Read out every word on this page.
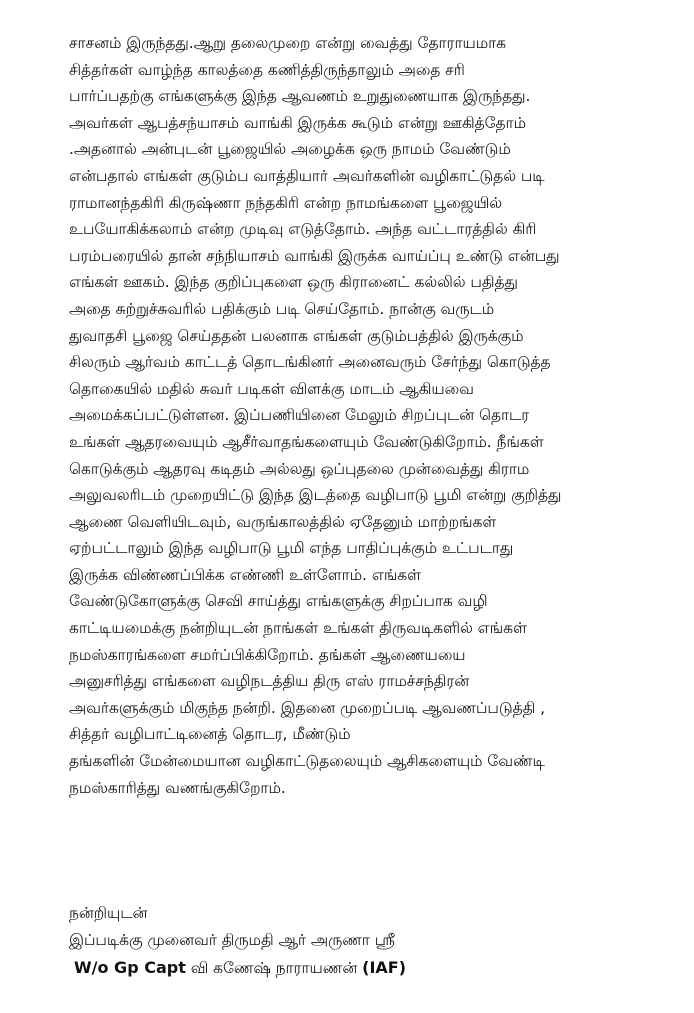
சாசனம் இருந்தது.ஆறு தலைமுறை என்று வைத்து தோராயமாக
சித்தர்கள் வாழ்ந்த காலத்தை கணித்திருந்தாலும் அதை சரி
பார்ப்பதற்கு எங்களுக்கு இந்த ஆவணம் உறுதுணையாக இருந்தது.
அவர்கள் ஆபத்சந்யாசம் வாங்கி இருக்க கூடும் என்று ஊகித்தோம்
.அதனால் அன்புடன் பூஜையில் அழைக்க ஒரு நாமம் வேண்டும்
என்பதால் எங்கள் குடும்ப வாத்தியார் அவர்களின் வழிகாட்டுதல் படி
ராமானந்தகிரி கிருஷ்ணா நந்தகிரி என்ற நாமங்களை பூஜையில்
உபயோகிக்கலாம் என்ற முடிவு எடுத்தோம். அந்த வட்டாரத்தில் கிரி
பரம்பரையில் தான் சந்நியாசம் வாங்கி இருக்க வாய்ப்பு உண்டு என்பது
எங்கள் ஊகம். இந்த குறிப்புகளை ஒரு கிரானைட் கல்லில் பதித்து
அதை சுற்றுச்சுவரில் பதிக்கும் படி செய்தோம். நான்கு வருடம்
துவாதசி பூஜை செய்ததன் பலனாக எங்கள் குடும்பத்தில் இருக்கும்
சிலரும் ஆர்வம் காட்டத் தொடங்கினர் அனைவரும் சேர்ந்து கொடுத்த
தொகையில் மதில் சுவர் படிகள் விளக்கு மாடம் ஆகியவை
அமைக்கப்பட்டுள்ளன. இப்பணியினை மேலும் சிறப்புடன் தொடர
உங்கள் ஆதரவையும் ஆசீர்வாதங்களையும் வேண்டுகிறோம். நீங்கள்
கொடுக்கும் ஆதரவு கடிதம் அல்லது ஒப்புதலை முன்வைத்து கிராம
அலுவலரிடம் முறையிட்டு இந்த இடத்தை வழிபாடு பூமி என்று குறித்து
ஆணை வெளியிடவும், வருங்காலத்தில் ஏதேனும் மாற்றங்கள்
ஏற்பட்டாலும் இந்த வழிபாடு பூமி எந்த பாதிப்புக்கும் உட்படாது
இருக்க விண்ணப்பிக்க எண்ணி உள்ளோம். எங்கள்
வேண்டுகோளுக்கு செவி சாய்த்து எங்களுக்கு சிறப்பாக வழி
காட்டியமைக்கு நன்றியுடன் நாங்கள் உங்கள் திருவடிகளில் எங்கள்
நமஸ்காரங்களை சமர்ப்பிக்கிறோம். தங்கள் ஆணையயை
அனுசரித்து எங்களை வழிநடத்திய திரு எஸ் ராமச்சந்திரன்
அவர்களுக்கும் மிகுந்த நன்றி. இதனை முறைப்படி ஆவணப்படுத்தி ,
சித்தர் வழிபாட்டினைத் தொடர, மீண்டும்
தங்களின் மேன்மையான வழிகாட்டுதலையும் ஆசிகளையும் வேண்டி
நமஸ்காரித்து வணங்குகிறோம்.
நன்றியுடன்
இப்படிக்கு முனைவர் திருமதி ஆர் அருணா ஸ்ரீ
W/o Gp Capt வி கணேஷ் நாராயணன் (IAF)
